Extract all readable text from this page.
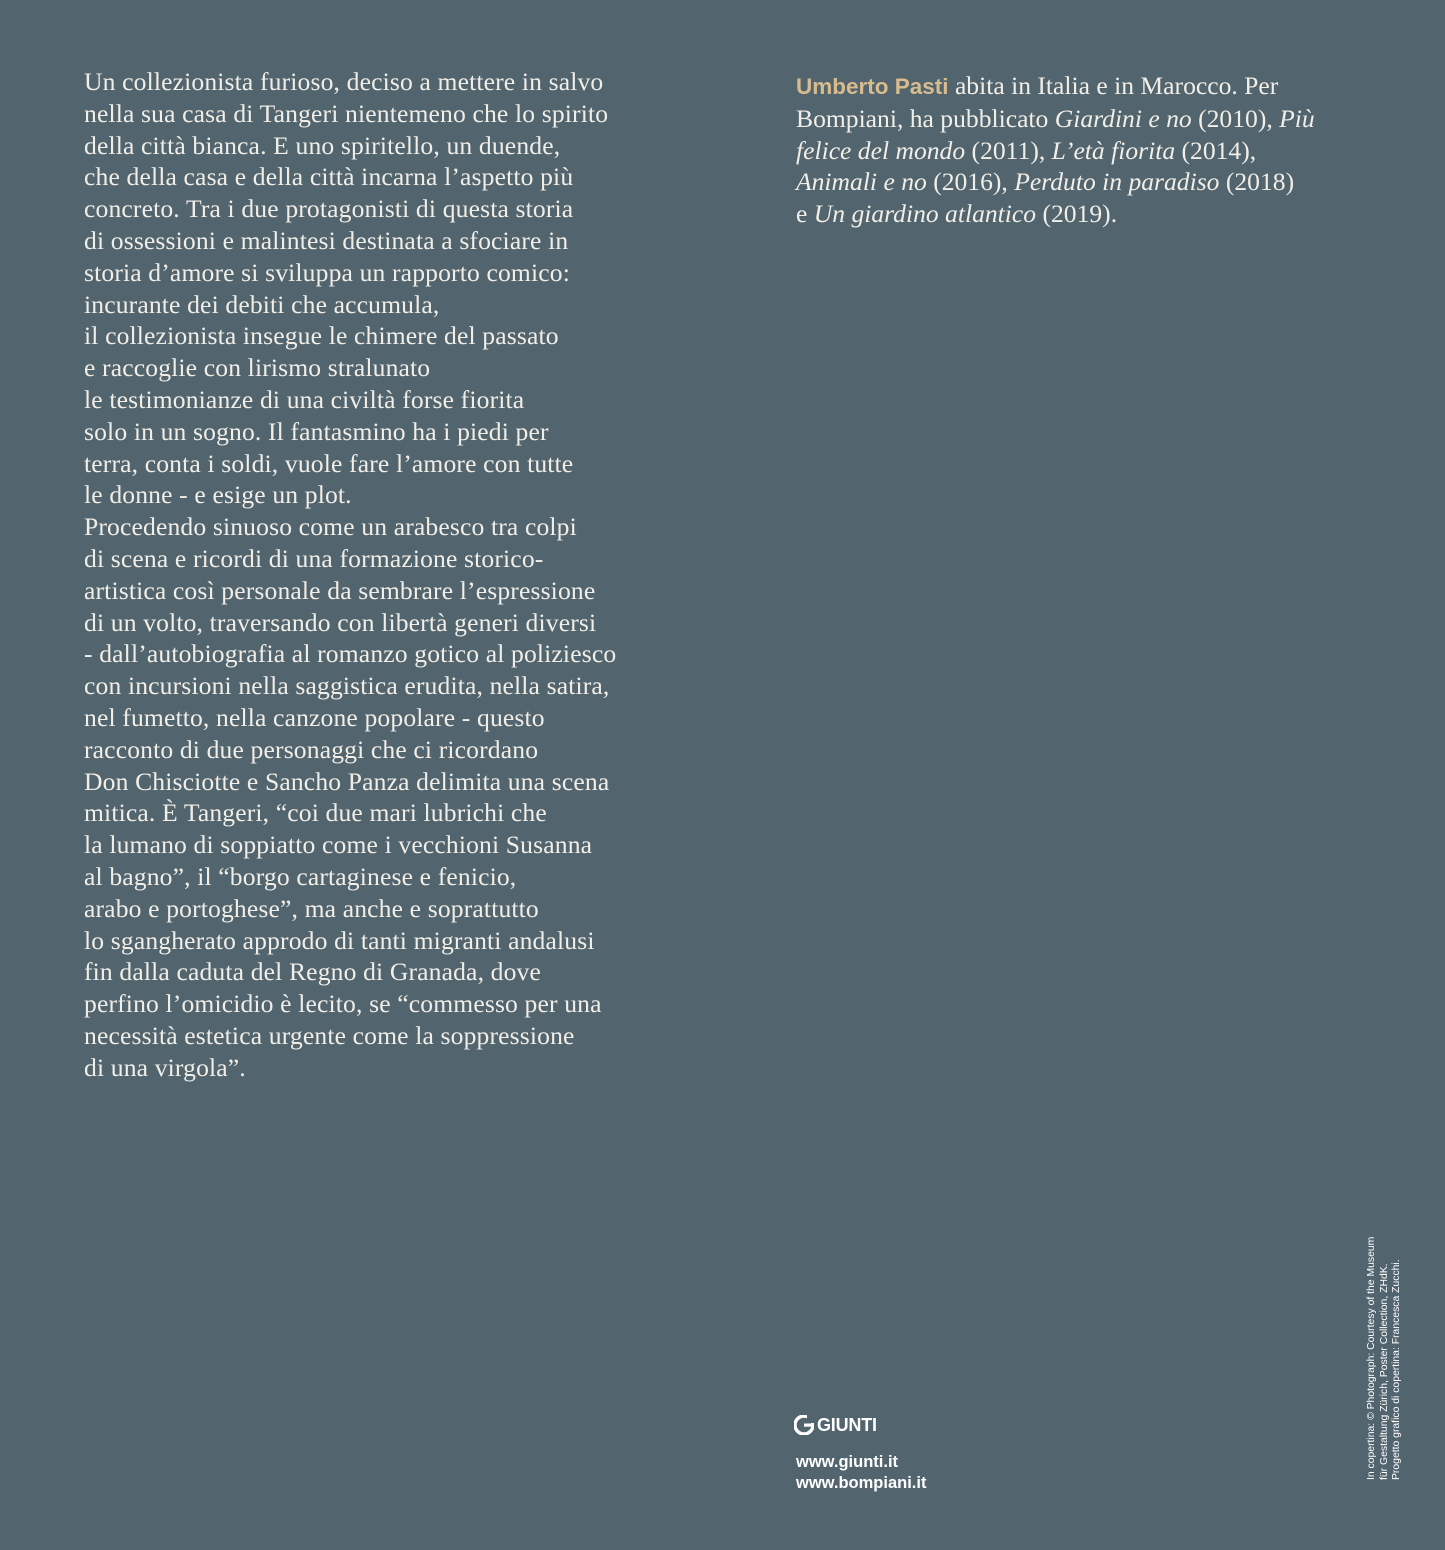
Un collezionista furioso, deciso a mettere in salvo
nella sua casa di Tangeri nientemeno che lo spirito
della città bianca. E uno spiritello, un duende,
che della casa e della città incarna l’aspetto più
concreto. Tra i due protagonisti di questa storia
di ossessioni e malintesi destinata a sfociare in
storia d’amore si sviluppa un rapporto comico:
incurante dei debiti che accumula,
il collezionista insegue le chimere del passato
e raccoglie con lirismo stralunato
le testimonianze di una civiltà forse fiorita
solo in un sogno. Il fantasmino ha i piedi per
terra, conta i soldi, vuole fare l’amore con tutte
le donne - e esige un plot.
Procedendo sinuoso come un arabesco tra colpi
di scena e ricordi di una formazione storico-
artistica così personale da sembrare l’espressione
di un volto, traversando con libertà generi diversi
- dall’autobiografia al romanzo gotico al poliziesco
con incursioni nella saggistica erudita, nella satira,
nel fumetto, nella canzone popolare - questo
racconto di due personaggi che ci ricordano
Don Chisciotte e Sancho Panza delimita una scena
mitica. È Tangeri, “coi due mari lubrichi che
la lumano di soppiatto come i vecchioni Susanna
al bagno”, il “borgo cartaginese e fenicio,
arabo e portoghese”, ma anche e soprattutto
lo sgangherato approdo di tanti migranti andalusi
fin dalla caduta del Regno di Granada, dove
perfino l’omicidio è lecito, se “commesso per una
necessità estetica urgente come la soppressione
di una virgola”.
Umberto Pasti abita in Italia e in Marocco. Per
Bompiani, ha pubblicato Giardini e no (2010), Più
felice del mondo (2011), L’età fiorita (2014),
Animali e no (2016), Perduto in paradiso (2018)
e Un giardino atlantico (2019).
GIUNTI
www.giunti.it
www.bompiani.it
In copertina: © Photograph: Courtesy of the Museum für Gestaltung Zürich, Poster Collection, ZHdK. Progetto grafico di copertina: Francesca Zucchi.
